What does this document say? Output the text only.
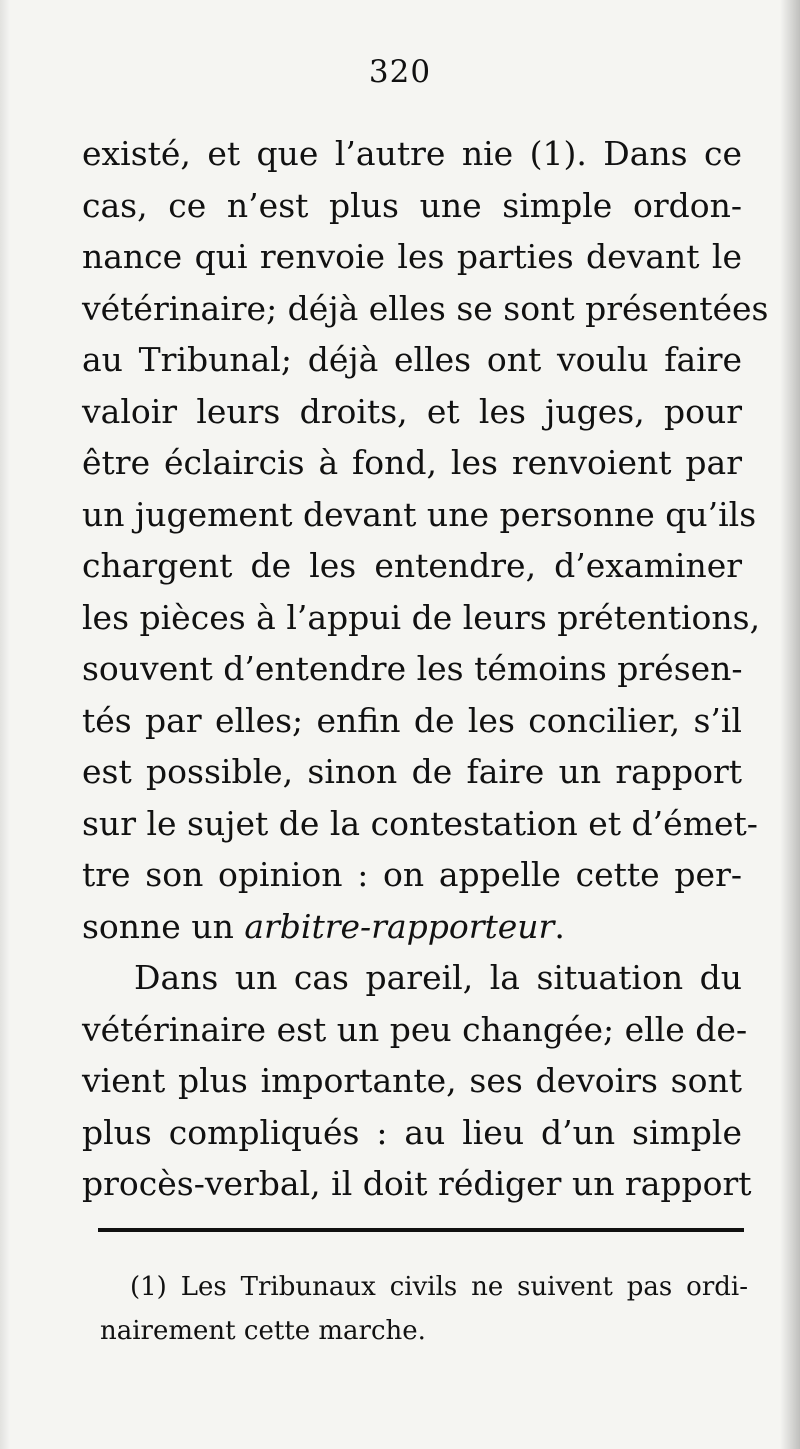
320
existé, et que l’autre nie (1). Dans ce
cas, ce n’est plus une simple ordon-
nance qui renvoie les parties devant le
vétérinaire; déjà elles se sont présentées
au Tribunal; déjà elles ont voulu faire
valoir leurs droits, et les juges, pour
être éclaircis à fond, les renvoient par
un jugement devant une personne qu’ils
chargent de les entendre, d’examiner
les pièces à l’appui de leurs prétentions,
souvent d’entendre les témoins présen-
tés par elles; enfin de les concilier, s’il
est possible, sinon de faire un rapport
sur le sujet de la contestation et d’émet-
tre son opinion : on appelle cette per-
sonne un arbitre-rapporteur.
Dans un cas pareil, la situation du
vétérinaire est un peu changée; elle de-
vient plus importante, ses devoirs sont
plus compliqués : au lieu d’un simple
procès-verbal, il doit rédiger un rapport
(1) Les Tribunaux civils ne suivent pas ordi-
nairement cette marche.
